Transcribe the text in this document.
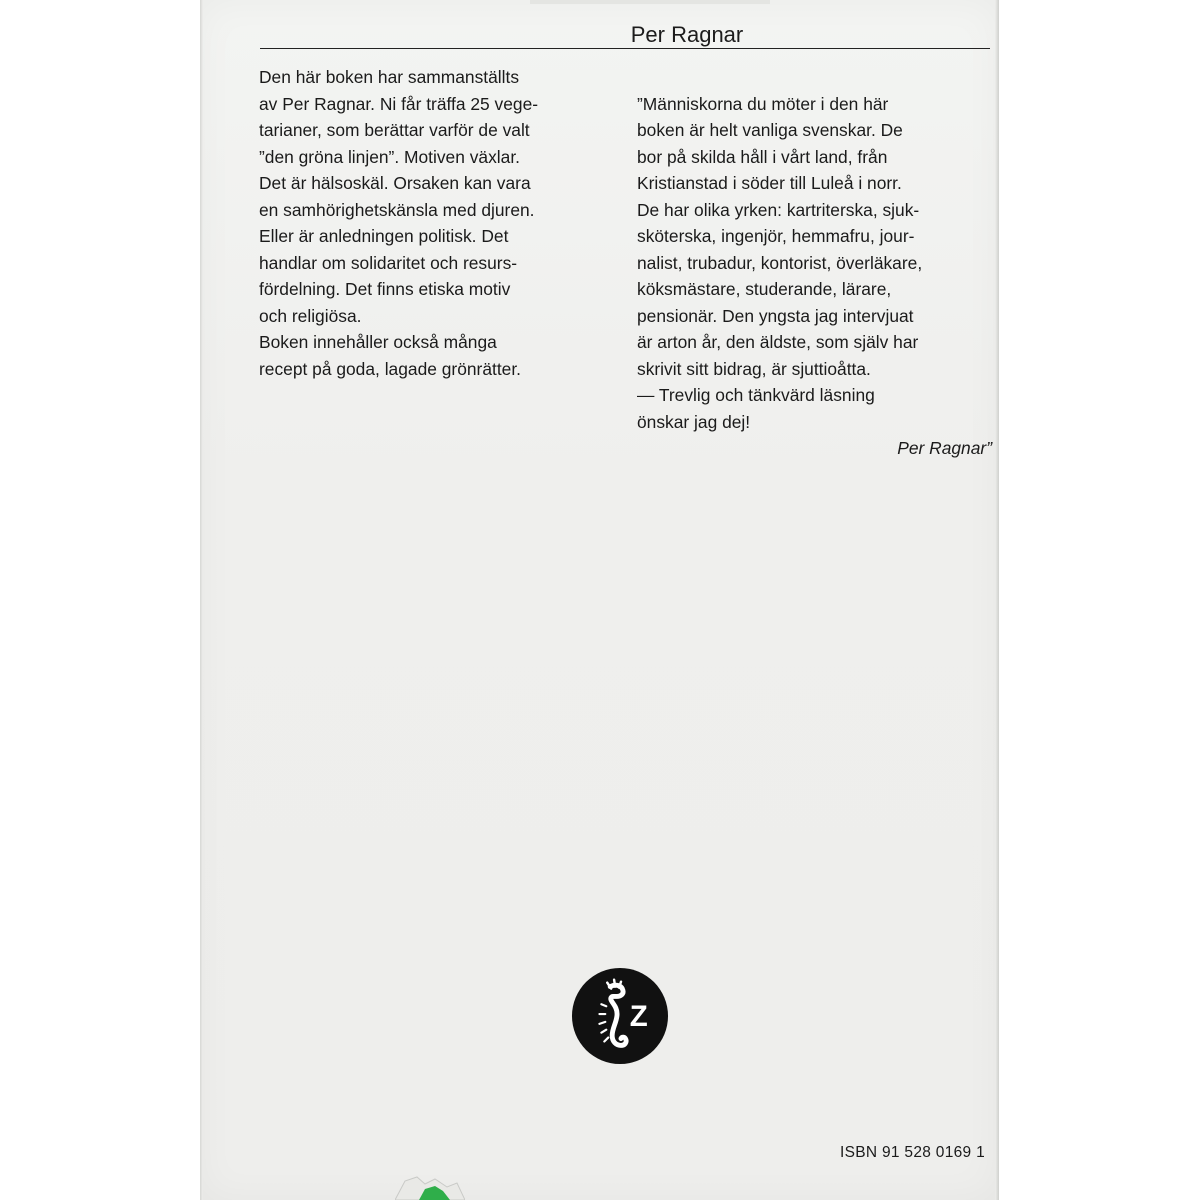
Per Ragnar
Den här boken har sammanställts
av Per Ragnar. Ni får träffa 25 vege-
tarianer, som berättar varför de valt
”den gröna linjen”. Motiven växlar.
Det är hälsoskäl. Orsaken kan vara
en samhörighetskänsla med djuren.
Eller är anledningen politisk. Det
handlar om solidaritet och resurs-
fördelning. Det finns etiska motiv
och religiösa.
Boken innehåller också många
recept på goda, lagade grönrätter.

”Människorna du möter i den här
boken är helt vanliga svenskar. De
bor på skilda håll i vårt land, från
Kristianstad i söder till Luleå i norr.
De har olika yrken: kartriterska, sjuk-
sköterska, ingenjör, hemmafru, jour-
nalist, trubadur, kontorist, överläkare,
köksmästare, studerande, lärare,
pensionär. Den yngsta jag intervjuat
är arton år, den äldste, som själv har
skrivit sitt bidrag, är sjuttioåtta.
— Trevlig och tänkvärd läsning
önskar jag dej!

Per Ragnar”

Z
ISBN 91 528 0169 1
